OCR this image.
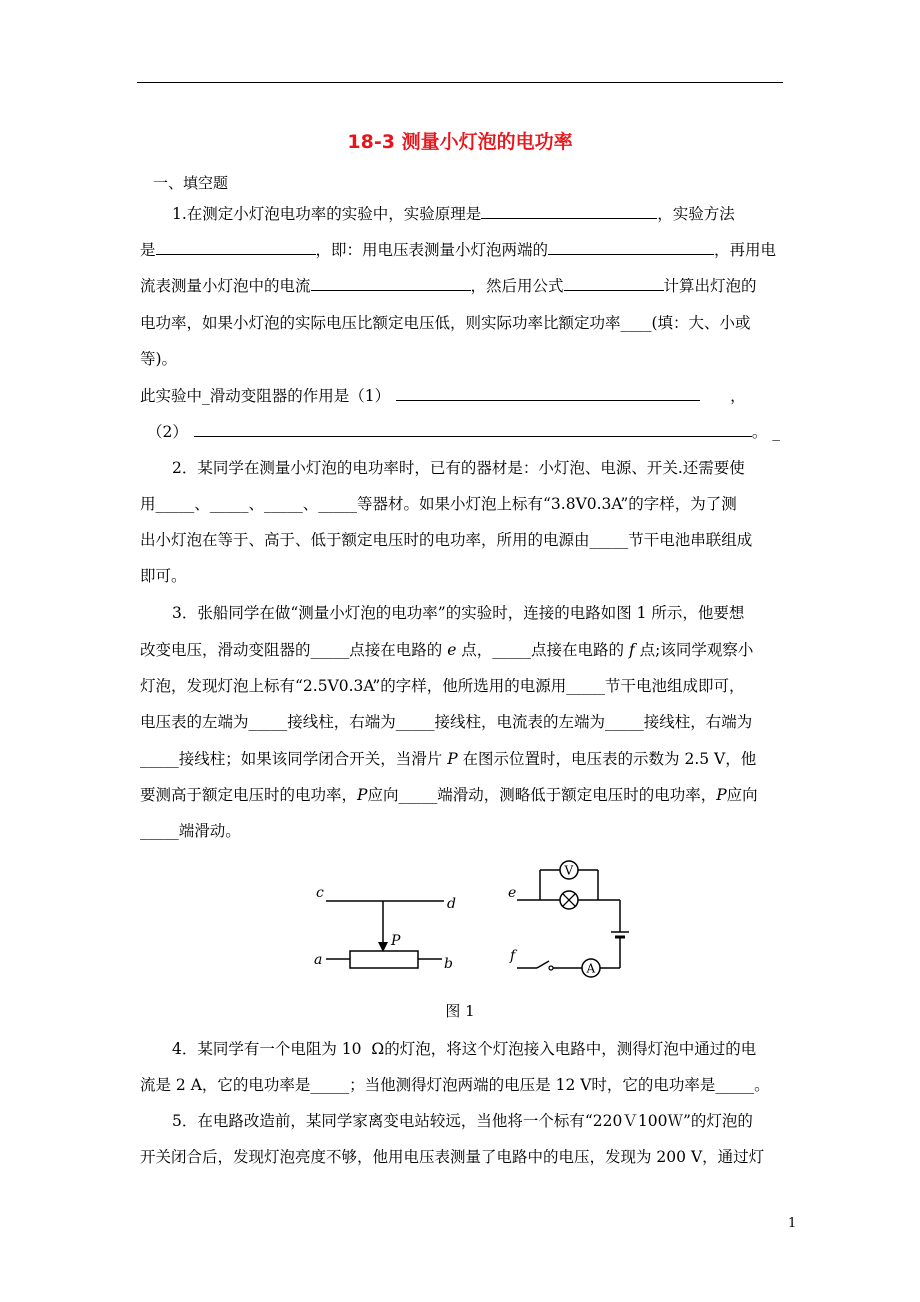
18-3 测量小灯泡的电功率
一、填空题
1.在测定小灯泡电功率的实验中，实验原理是	，实验方法
是	，即：用电压表测量小灯泡两端的	，再用电
流表测量小灯泡中的电流	，然后用公式	计算出灯泡的
电功率，如果小灯泡的实际电压比额定电压低，则实际功率比额定功率____(填：大、小或
等)。
此实验中_滑动变阻器的作用是（1）	，
（2）	。 _
2．某同学在测量小灯泡的电功率时，已有的器材是：小灯泡、电源、开关.还需要使
用_____、_____、_____、_____等器材。如果小灯泡上标有“3.8V0.3A”的字样，为了测
出小灯泡在等于、高于、低于额定电压时的电功率，所用的电源由_____节干电池串联组成
即可。
3．张船同学在做“测量小灯泡的电功率”的实验时，连接的电路如图 1 所示，他要想
改变电压，滑动变阻器的_____点接在电路的 e 点，_____点接在电路的 f 点;该同学观察小
灯泡，发现灯泡上标有“2.5V0.3A”的字样，他所选用的电源用_____节干电池组成即可，
电压表的左端为_____接线柱，右端为_____接线柱，电流表的左端为_____接线柱，右端为
_____接线柱；如果该同学闭合开关，当滑片 P 在图示位置时，电压表的示数为 2.5 V，他
要测高于额定电压时的电功率，P应向_____端滑动，测略低于额定电压时的电功率，P应向
_____端滑动。
c
d
P
a	b
V
A
e
f
图 1
4．某同学有一个电阻为 10  Ω的灯泡，将这个灯泡接入电路中，测得灯泡中通过的电
流是 2 A，它的电功率是_____；当他测得灯泡两端的电压是 12 V时，它的电功率是_____。
5．在电路改造前，某同学家离变电站较远，当他将一个标有“220Ｖ100Ｗ”的灯泡的
开关闭合后，发现灯泡亮度不够，他用电压表测量了电路中的电压，发现为 200 V，通过灯
1
